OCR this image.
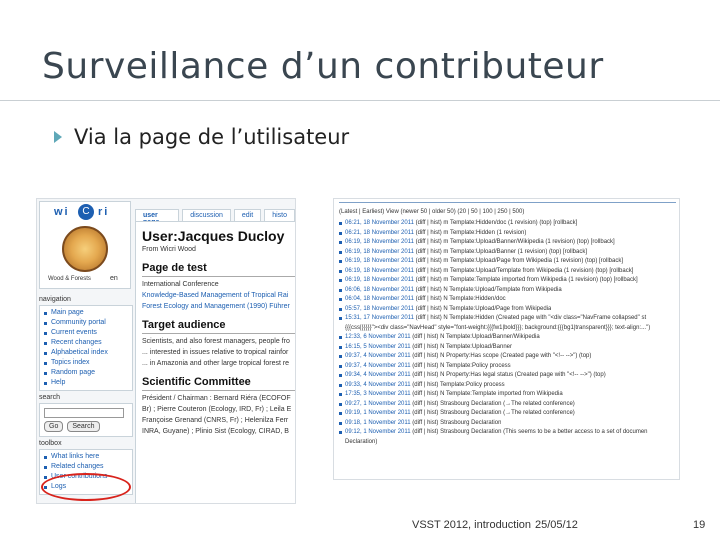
Surveillance d’un contributeur
Via la page de l’utilisateur
wi	C ri
Wood & Forests	en
navigation
Main page
Community portal
Current events
Recent changes
Alphabetical index
Topics index
Random page
Help
search
Go	Search
toolbox
What links here
Related changes
User contributions
Logs
user	discussion	edit	histo
User:Jacques Ducloy
From Wicri Wood
Page de test
International Conference
Knowledge-Based Management of Tropical Rai
Forest Ecology and Management (1990) Führer
Target audience
Scientists, and also forest managers, people fro
... interested in issues relative to tropical rainfor
... in Amazonia and other large tropical forest re
Scientific Committee
Président / Chairman : Bernard Riéra (ECOFOF
Br) ; Pierre Couteron (Ecology, IRD, Fr) ; Leila E
Françoise Grenand (CNRS, Fr) ; Helenilza Ferr
INRA, Guyane) ; Plinio Sist (Ecology, CIRAD, B
(Latest | Earliest) View (newer 50 | older 50) (20 | 50 | 100 | 250 | 500)
06:21, 18 November 2011 (diff | hist) m Template:Hidden/doc (1 revision) (top) [rollback]
06:21, 18 November 2011 (diff | hist) m Template:Hidden (1 revision)
06:19, 18 November 2011 (diff | hist) m Template:Upload/Banner/Wikipedia (1 revision) (top) [rollback]
06:19, 18 November 2011 (diff | hist) m Template:Upload/Banner (1 revision) (top) [rollback]
06:19, 18 November 2011 (diff | hist) m Template:Upload/Page from Wikipedia (1 revision) (top) [rollback]
06:19, 18 November 2011 (diff | hist) m Template:Upload/Template from Wikipedia (1 revision) (top) [rollback]
06:19, 18 November 2011 (diff | hist) m Template:Template imported from Wikipedia (1 revision) (top) [rollback]
06:06, 18 November 2011 (diff | hist) N Template:Upload/Template from Wikipedia
06:04, 18 November 2011 (diff | hist) N Template:Hidden/doc
05:57, 18 November 2011 (diff | hist) N Template:Upload/Page from Wikipedia
15:31, 17 November 2011 (diff | hist) N Template:Hidden (Created page with "<div class="NavFrame collapsed" st {{{css|}}}}}"><div class="NavHead" style="font-weight:{{{fw1|bold}}}; background:{{{bg1|transparent}}}; text-align:...")
12:33, 6 November 2011 (diff | hist) N Template:Upload/Banner/Wikipedia
16:15, 5 November 2011 (diff | hist) N Template:Upload/Banner
09:37, 4 November 2011 (diff | hist) N Property:Has scope (Created page with "<!-- -->") (top)
09:37, 4 November 2011 (diff | hist) N Template:Policy process
09:34, 4 November 2011 (diff | hist) N Property:Has legal status (Created page with "<!-- -->") (top)
09:33, 4 November 2011 (diff | hist) Template:Policy process
17:35, 3 November 2011 (diff | hist) N Template:Template imported from Wikipedia
09:27, 1 November 2011 (diff | hist) Strasbourg Declaration (→The related conference)
09:19, 1 November 2011 (diff | hist) Strasbourg Declaration (→The related conference)
09:18, 1 November 2011 (diff | hist) Strasbourg Declaration
09:12, 1 November 2011 (diff | hist) Strasbourg Declaration (This seems to be a better access to a set of documen Declaration)
VSST 2012, introduction 25/05/12	19
